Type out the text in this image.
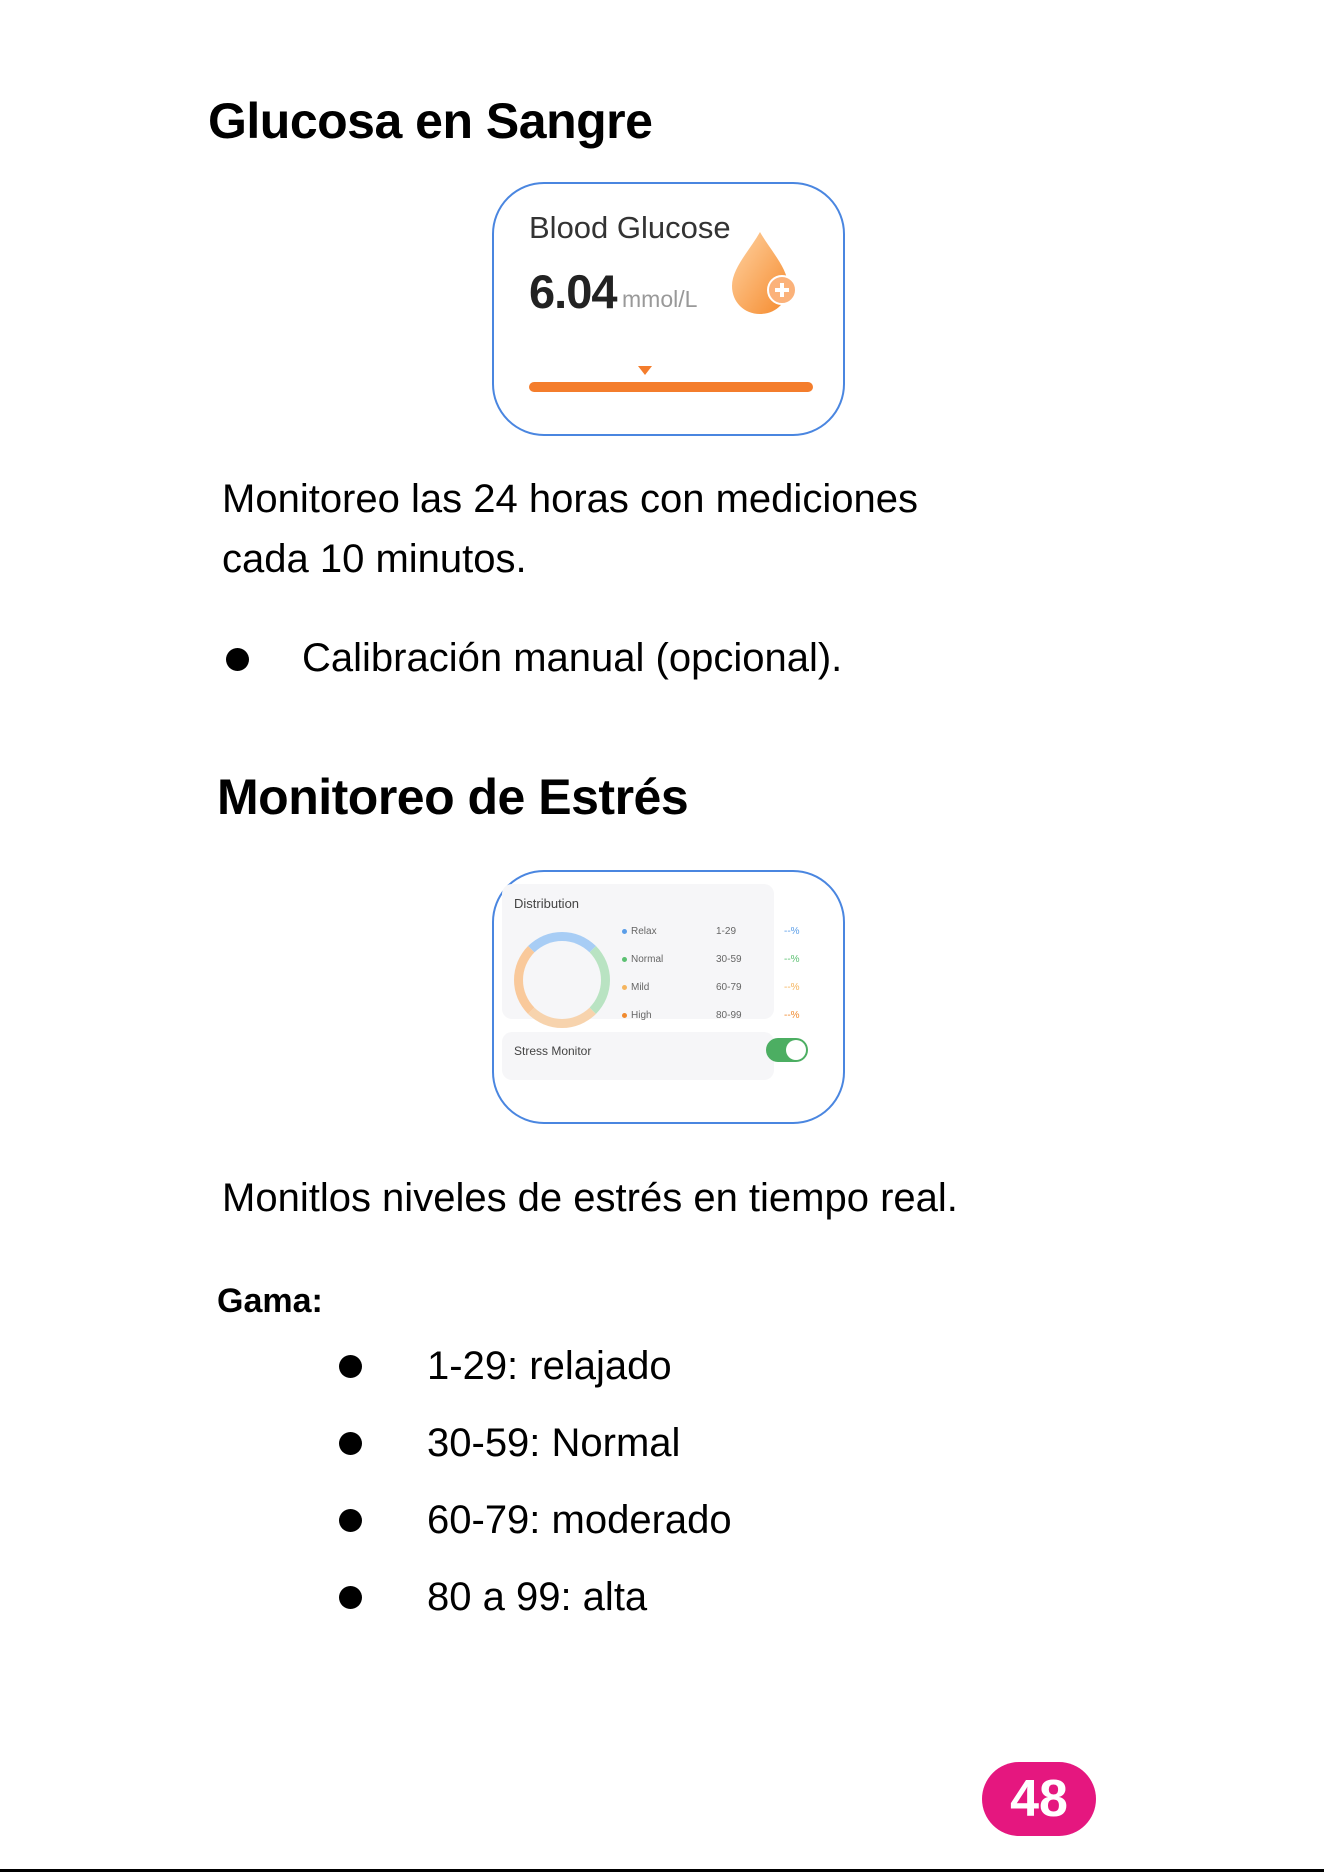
Glucosa en Sangre
Blood Glucose
6.04 mmol/L
Monitoreo las 24 horas con mediciones
cada 10 minutos.
Calibración manual (opcional).
Monitoreo de Estrés
Distribution
Relax	1-29	--%
Normal	30-59	--%
Mild	60-79	--%
High	80-99	--%
Stress Monitor
Monitlos niveles de estrés en tiempo real.
Gama:
1-29: relajado
30-59: Normal
60-79: moderado
80 a 99: alta
48
